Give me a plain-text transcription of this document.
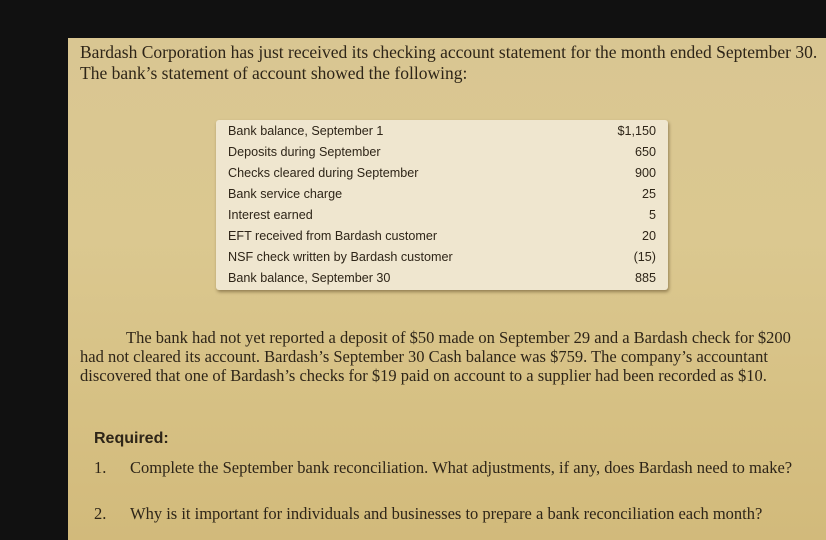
Bardash Corporation has just received its checking account statement for the month ended September 30. The bank’s statement of account showed the following:

Bank balance, September 1	$1,150
Deposits during September	650
Checks cleared during September	900
Bank service charge	25
Interest earned	5
EFT received from Bardash customer	20
NSF check written by Bardash customer	(15)
Bank balance, September 30	885

The bank had not yet reported a deposit of $50 made on September 29 and a Bardash check for $200 had not cleared its account. Bardash’s September 30 Cash balance was $759. The company’s accountant discovered that one of Bardash’s checks for $19 paid on account to a supplier had been recorded as $10.

Required:
1. Complete the September bank reconciliation. What adjustments, if any, does Bardash need to make?
2. Why is it important for individuals and businesses to prepare a bank reconciliation each month?
